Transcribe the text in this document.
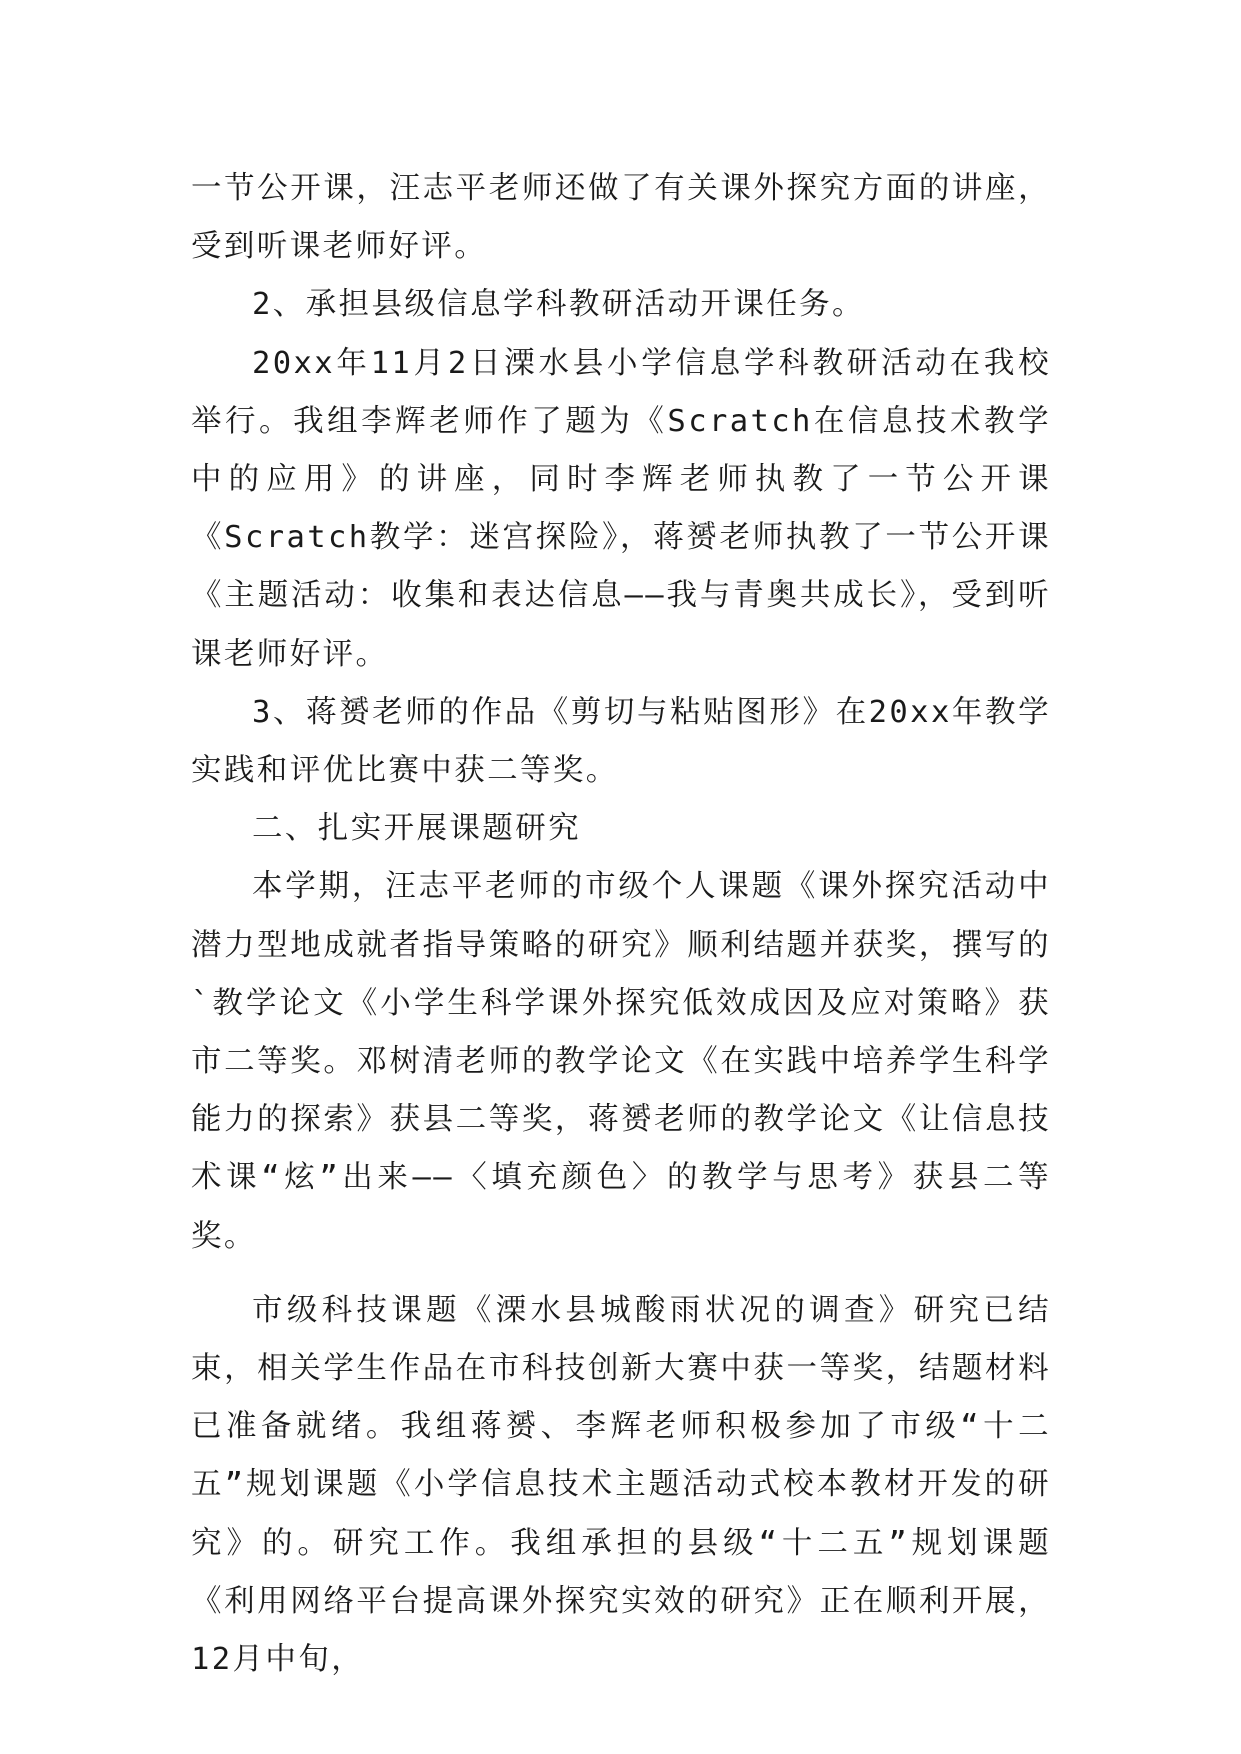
一节公开课，汪志平老师还做了有关课外探究方面的讲座，受到听课老师好评。

2、承担县级信息学科教研活动开课任务。

20xx年11月2日溧水县小学信息学科教研活动在我校举行。我组李辉老师作了题为《Scratch在信息技术教学中的应用》的讲座，同时李辉老师执教了一节公开课《Scratch教学：迷宫探险》，蒋赟老师执教了一节公开课《主题活动：收集和表达信息——我与青奥共成长》，受到听课老师好评。

3、蒋赟老师的作品《剪切与粘贴图形》在20xx年教学实践和评优比赛中获二等奖。

二、扎实开展课题研究

本学期，汪志平老师的市级个人课题《课外探究活动中潜力型地成就者指导策略的研究》顺利结题并获奖，撰写的`教学论文《小学生科学课外探究低效成因及应对策略》获市二等奖。邓树清老师的教学论文《在实践中培养学生科学能力的探索》获县二等奖，蒋赟老师的教学论文《让信息技术课“炫”出来——〈填充颜色〉的教学与思考》获县二等奖。

市级科技课题《溧水县城酸雨状况的调查》研究已结束，相关学生作品在市科技创新大赛中获一等奖，结题材料已准备就绪。我组蒋赟、李辉老师积极参加了市级“十二五”规划课题《小学信息技术主题活动式校本教材开发的研究》的。研究工作。我组承担的县级“十二五”规划课题《利用网络平台提高课外探究实效的研究》正在顺利开展，12月中旬，
